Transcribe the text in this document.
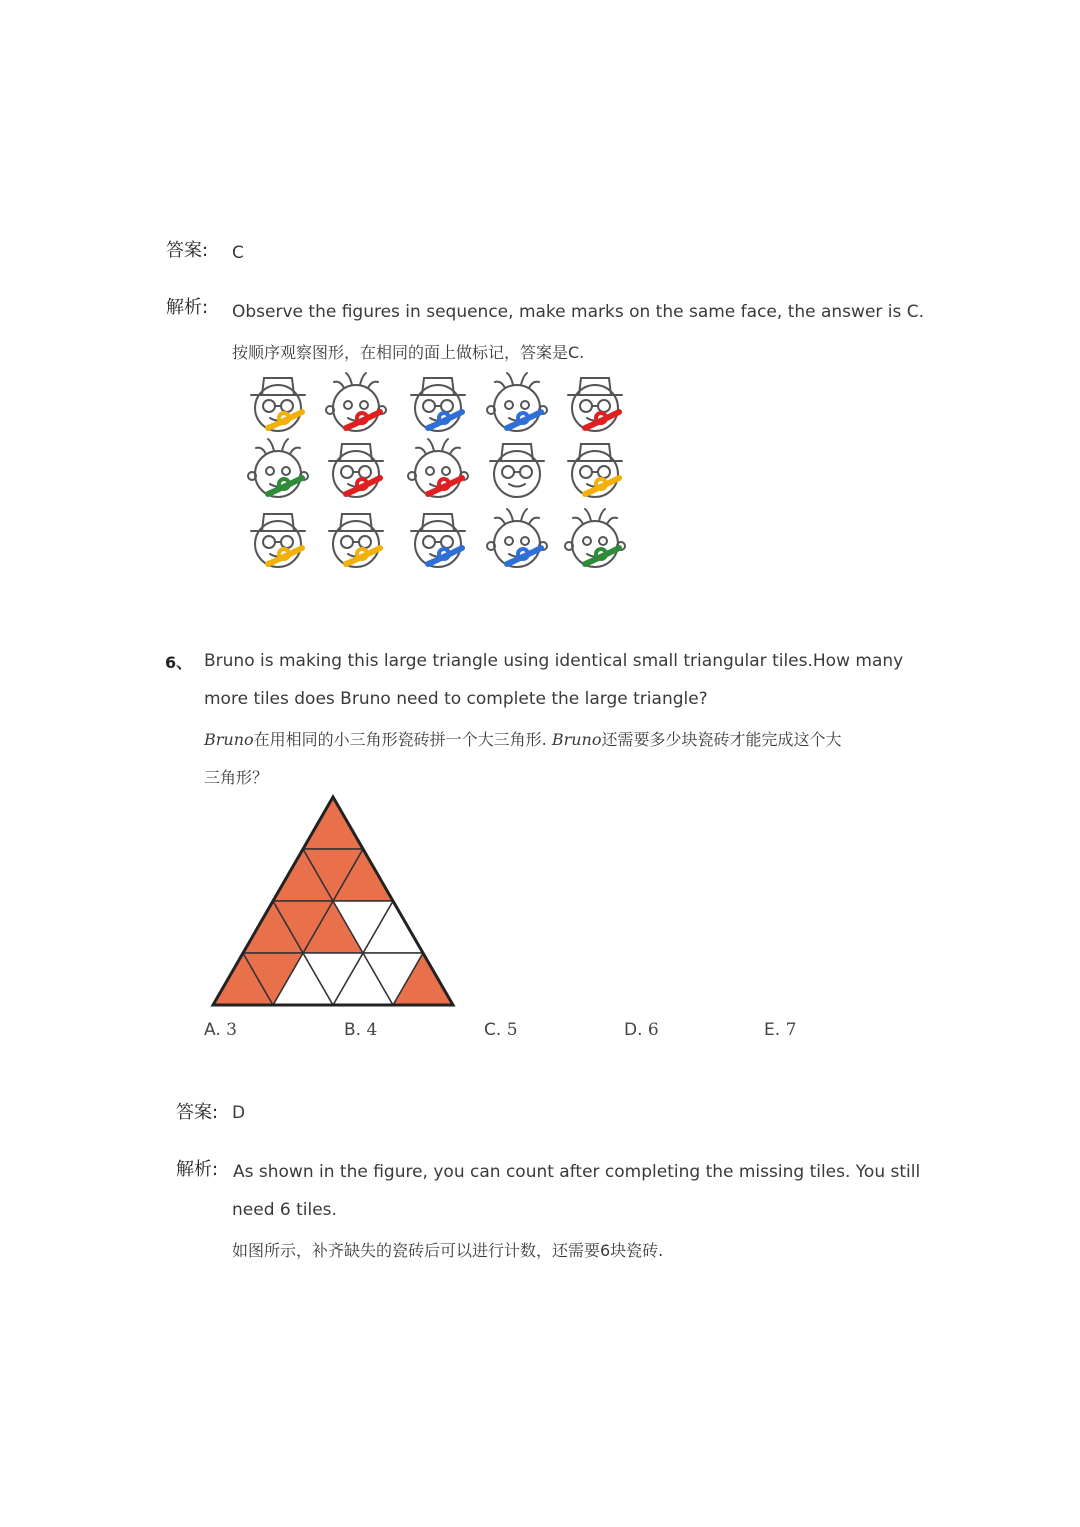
答案: C
解析: Observe the figures in sequence, make marks on the same face, the answer is C.
按顺序观察图形，在相同的面上做标记，答案是C.
6、 Bruno is making this large triangle using identical small triangular tiles.How many
more tiles does Bruno need to complete the large triangle?
Bruno在用相同的小三角形瓷砖拼一个大三角形. Bruno还需要多少块瓷砖才能完成这个大
三角形？
A. 3	B. 4	C. 5	D. 6	E. 7
答案: D
解析: As shown in the figure, you can count after completing the missing tiles. You still
need 6 tiles.
如图所示，补齐缺失的瓷砖后可以进行计数，还需要6块瓷砖.
